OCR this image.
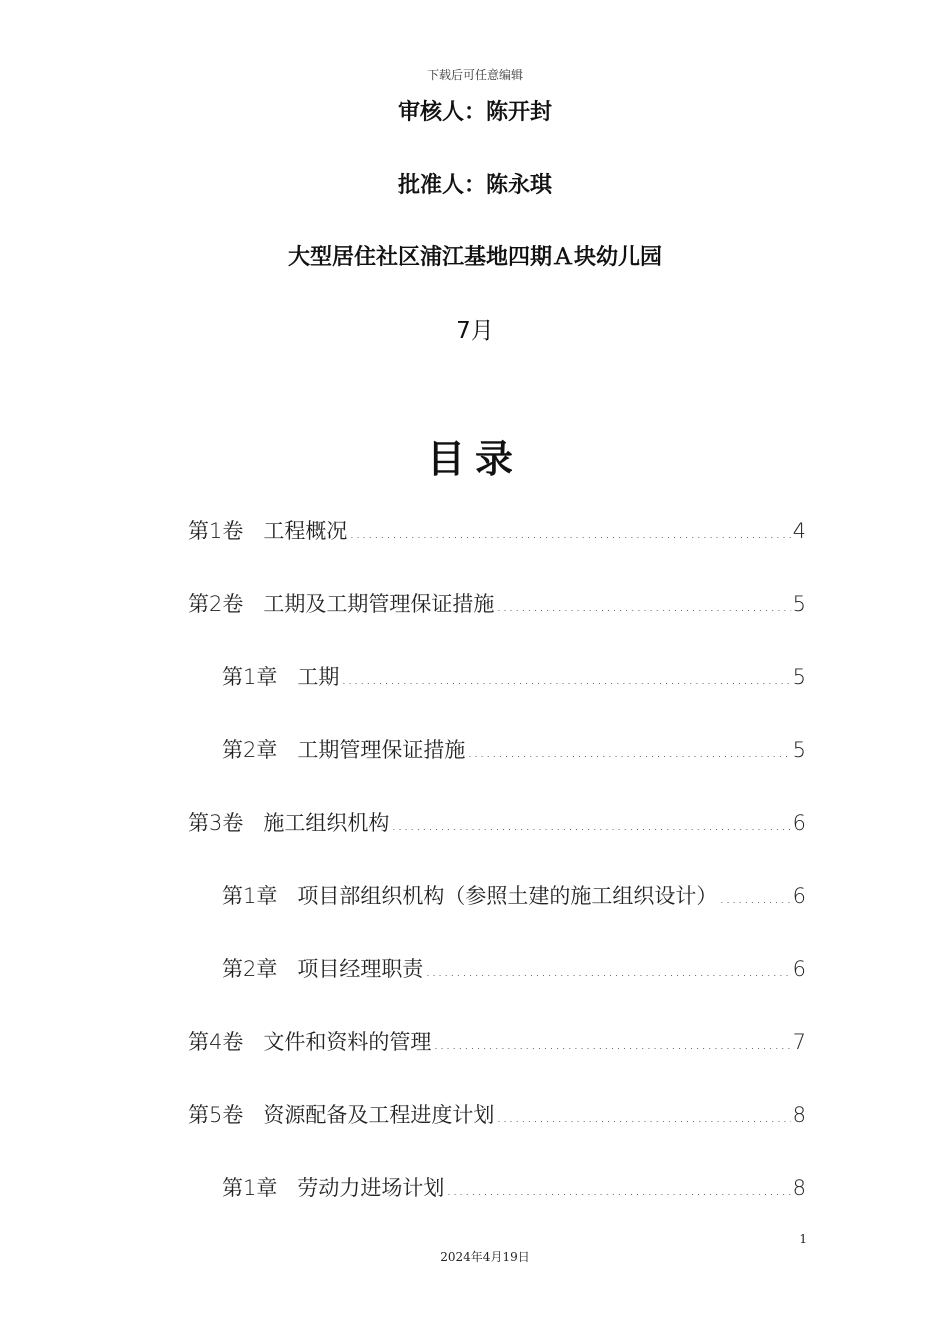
下载后可任意编辑
审核人：陈开封
批准人：陈永琪
大型居住社区浦江基地四期Ａ块幼儿园
7月
目录
第1卷 工程概况 .....	4
第2卷 工期及工期管理保证措施 .....	5
第1章 工期 .....	5
第2章 工期管理保证措施 .....	5
第3卷 施工组织机构 .....	6
第1章 项目部组织机构（参照土建的施工组织设计） .....	6
第2章 项目经理职责 .....	6
第4卷 文件和资料的管理 .....	7
第5卷 资源配备及工程进度计划 .....	8
第1章 劳动力进场计划 .....	8
1
2024年4月19日
